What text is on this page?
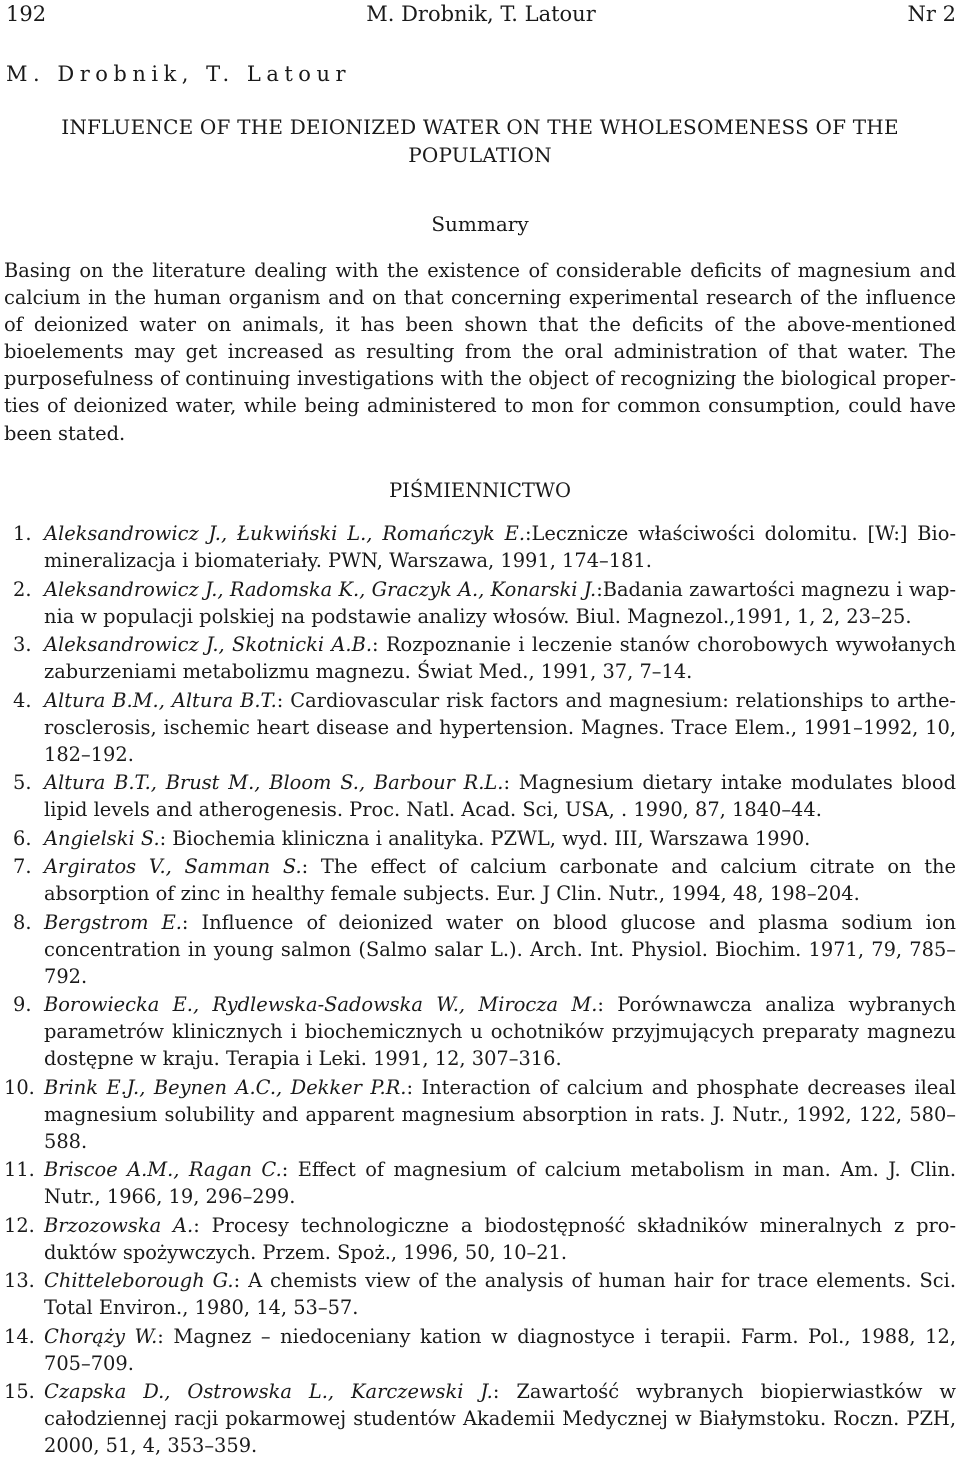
192	M. Drobnik, T. Latour	Nr 2
M. Drobnik, T. Latour
INFLUENCE OF THE DEIONIZED WATER ON THE WHOLESOMENESS OF THE POPULATION
Summary

Basing on the literature dealing with the existence of considerable deficits of magnesium and calcium in the human organism and on that concerning experimental research of the influence of deionized water on animals, it has been shown that the deficits of the above-mentioned bioelements may get increased as resulting from the oral administration of that water. The purposefulness of continuing investigations with the object of recognizing the biological properties of deionized water, while being administered to mon for common consumption, could have been stated.

PIŚMIENNICTWO
1. Aleksandrowicz J., Łukwiński L., Romańczyk E.:Lecznicze właściwości dolomitu. [W:] Biomineralizacja i biomateriały. PWN, Warszawa, 1991, 174–181.
2. Aleksandrowicz J., Radomska K., Graczyk A., Konarski J.:Badania zawartości magnezu i wapnia w populacji polskiej na podstawie analizy włosów. Biul. Magnezol.,1991, 1, 2, 23–25.
3. Aleksandrowicz J., Skotnicki A.B.: Rozpoznanie i leczenie stanów chorobowych wywołanych zaburzeniami metabolizmu magnezu. Świat Med., 1991, 37, 7–14.
4. Altura B.M., Altura B.T.: Cardiovascular risk factors and magnesium: relationships to artherosclerosis, ischemic heart disease and hypertension. Magnes. Trace Elem., 1991–1992, 10, 182–192.
5. Altura B.T., Brust M., Bloom S., Barbour R.L.: Magnesium dietary intake modulates blood lipid levels and atherogenesis. Proc. Natl. Acad. Sci, USA, . 1990, 87, 1840–44.
6. Angielski S.: Biochemia kliniczna i analityka. PZWL, wyd. III, Warszawa 1990.
7. Argiratos V., Samman S.: The effect of calcium carbonate and calcium citrate on the absorption of zinc in healthy female subjects. Eur. J Clin. Nutr., 1994, 48, 198–204.
8. Bergstrom E.: Influence of deionized water on blood glucose and plasma sodium ion concentration in young salmon (Salmo salar L.). Arch. Int. Physiol. Biochim. 1971, 79, 785–792.
9. Borowiecka E., Rydlewska-Sadowska W., Mirocza M.: Porównawcza analiza wybranych parametrów klinicznych i biochemicznych u ochotników przyjmujących preparaty magnezu dostępne w kraju. Terapia i Leki. 1991, 12, 307–316.
10. Brink E.J., Beynen A.C., Dekker P.R.: Interaction of calcium and phosphate decreases ileal magnesium solubility and apparent magnesium absorption in rats. J. Nutr., 1992, 122, 580–588.
11. Briscoe A.M., Ragan C.: Effect of magnesium of calcium metabolism in man. Am. J. Clin. Nutr., 1966, 19, 296–299.
12. Brzozowska A.: Procesy technologiczne a biodostępność składników mineralnych z produktów spożywczych. Przem. Spoż., 1996, 50, 10–21.
13. Chitteleborough G.: A chemists view of the analysis of human hair for trace elements. Sci. Total Environ., 1980, 14, 53–57.
14. Chorąży W.: Magnez – niedoceniany kation w diagnostyce i terapii. Farm. Pol., 1988, 12, 705–709.
15. Czapska D., Ostrowska L., Karczewski J.: Zawartość wybranych biopierwiastków w całodziennej racji pokarmowej studentów Akademii Medycznej w Białymstoku. Roczn. PZH, 2000, 51, 4, 353–359.
